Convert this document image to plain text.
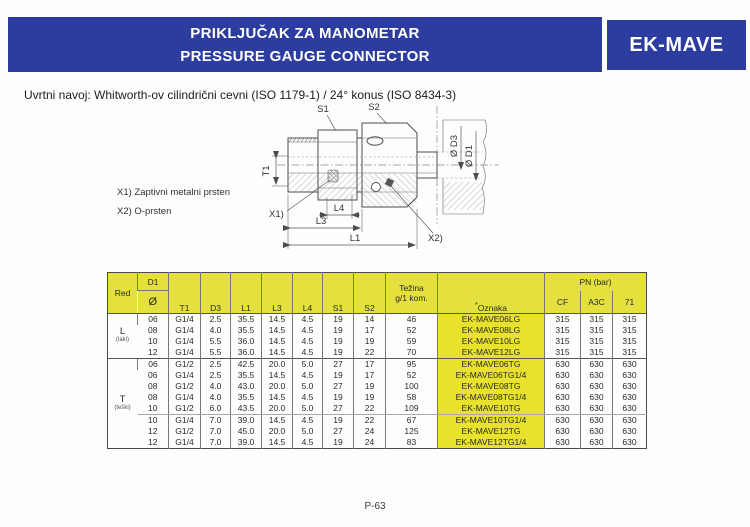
PRIKLJUČAK ZA MANOMETAR
PRESSURE GAUGE CONNECTOR
EK-MAVE
Uvrtni navoj: Whitworth-ov cilindrični cevni (ISO 1179-1) / 24° konus (ISO 8434-3)
T1
L4
L3
L1
Ø D3 Ø D1
S1	S2
X1)
X2)
X1) Zaptivni metalni prsten
X2) O-prsten
Red	D1	T1	D3	L1	L3	L4	S1	S2	Težina
g/1 kom.	*Oznaka	PN (bar)		
	Ø										CF	A3C	71

L
(laki)	06	G1/4	2.5	35.5	14.5	4.5	19	14	46	EK-MAVE06LG	315	315	315
	08	G1/4	4.0	35.5	14.5	4.5	19	17	52	EK-MAVE08LG	315	315	315
	10	G1/4	5.5	36.0	14.5	4.5	19	19	59	EK-MAVE10LG	315	315	315
	12	G1/4	5.5	36.0	14.5	4.5	19	22	70	EK-MAVE12LG	315	315	315

T
(teški)	06	G1/2	2.5	42.5	20.0	5.0	27	17	95	EK-MAVE06TG	630	630	630
	06	G1/4	2.5	35.5	14.5	4.5	19	17	52	EK-MAVE06TG1/4	630	630	630
	08	G1/2	4.0	43.0	20.0	5.0	27	19	100	EK-MAVE08TG	630	630	630
	08	G1/4	4.0	35.5	14.5	4.5	19	19	58	EK-MAVE08TG1/4	630	630	630
	10	G1/2	6.0	43.5	20.0	5.0	27	22	109	EK-MAVE10TG	630	630	630
	10	G1/4	7.0	39.0	14.5	4.5	19	22	67	EK-MAVE10TG1/4	630	630	630
	12	G1/2	7.0	45.0	20.0	5.0	27	24	125	EK-MAVE12TG	630	630	630
	12	G1/4	7.0	39.0	14.5	4.5	19	24	83	EK-MAVE12TG1/4	630	630	630
P-63
